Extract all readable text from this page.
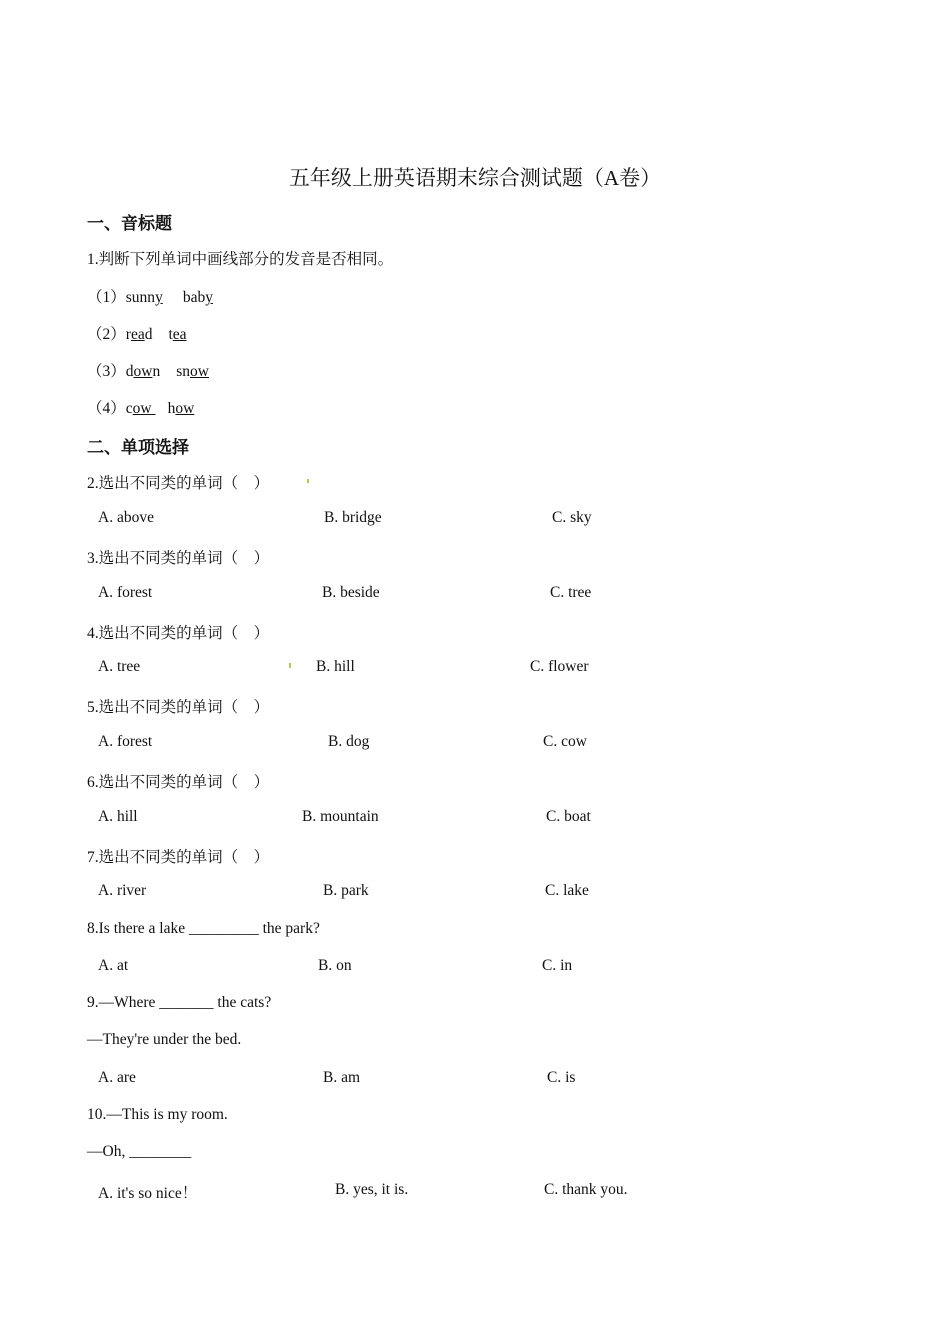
五年级上册英语期末综合测试题（A卷）
一、音标题
1.判断下列单词中画线部分的发音是否相同。
（1）sunny baby
（2）read tea
（3）down snow
（4）cow how
二、单项选择
2.选出不同类的单词（　）
A. above	B. bridge	C. sky
3.选出不同类的单词（　）
A. forest	B. beside	C. tree
4.选出不同类的单词（　）
A. tree	B. hill	C. flower
5.选出不同类的单词（　）
A. forest	B. dog	C. cow
6.选出不同类的单词（　）
A. hill	B. mountain	C. boat
7.选出不同类的单词（　）
A. river	B. park	C. lake
8.Is there a lake _________ the park?
A. at	B. on	C. in
9.—Where _______ the cats?
—They're under the bed.
A. are	B. am	C. is
10.—This is my room.
—Oh, ________
A. it's so nice！	B. yes, it is.	C. thank you.
